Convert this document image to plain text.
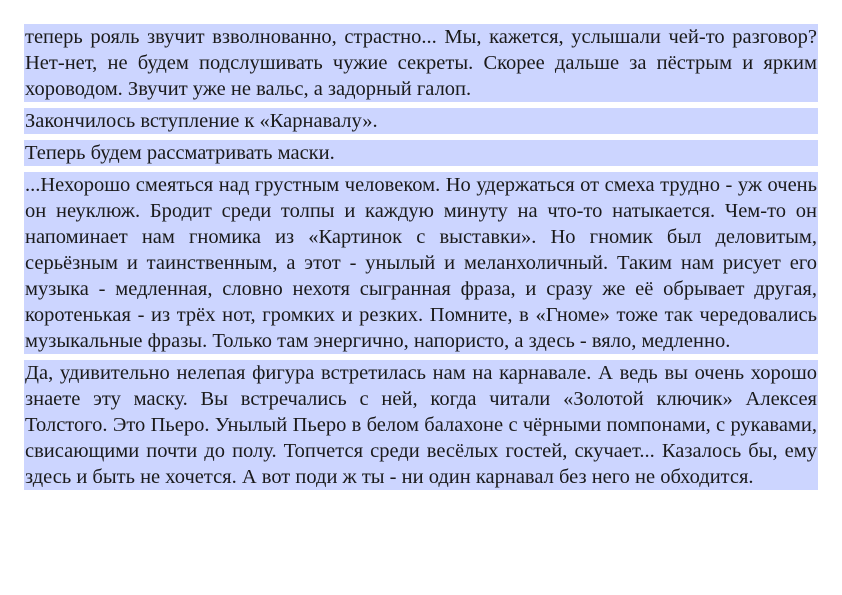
теперь рояль звучит взволнованно, страстно... Мы, кажется, услышали чей-то разговор? Нет-нет, не будем подслушивать чужие секреты. Скорее дальше за пёстрым и ярким хороводом. Звучит уже не вальс, а задорный галоп.

Закончилось вступление к «Карнавалу».

Теперь будем рассматривать маски.

...Нехорошо смеяться над грустным человеком. Но удержаться от смеха трудно - уж очень он неуклюж. Бродит среди толпы и каждую минуту на что-то натыкается. Чем-то он напоминает нам гномика из «Картинок с выставки». Но гномик был деловитым, серьёзным и таинственным, а этот - унылый и меланхоличный. Таким нам рисует его музыка - медленная, словно нехотя сыгранная фраза, и сразу же её обрывает другая, коротенькая - из трёх нот, громких и резких. Помните, в «Гноме» тоже так чередовались музыкальные фразы. Только там энергично, напористо, а здесь - вяло, медленно.

Да, удивительно нелепая фигура встретилась нам на карнавале. А ведь вы очень хорошо знаете эту маску. Вы встречались с ней, когда читали «Золотой ключик» Алексея Толстого. Это Пьеро. Унылый Пьеро в белом балахоне с чёрными помпонами, с рукавами, свисающими почти до полу. Топчется среди весёлых гостей, скучает... Казалось бы, ему здесь и быть не хочется. А вот поди ж ты - ни один карнавал без него не обходится.
